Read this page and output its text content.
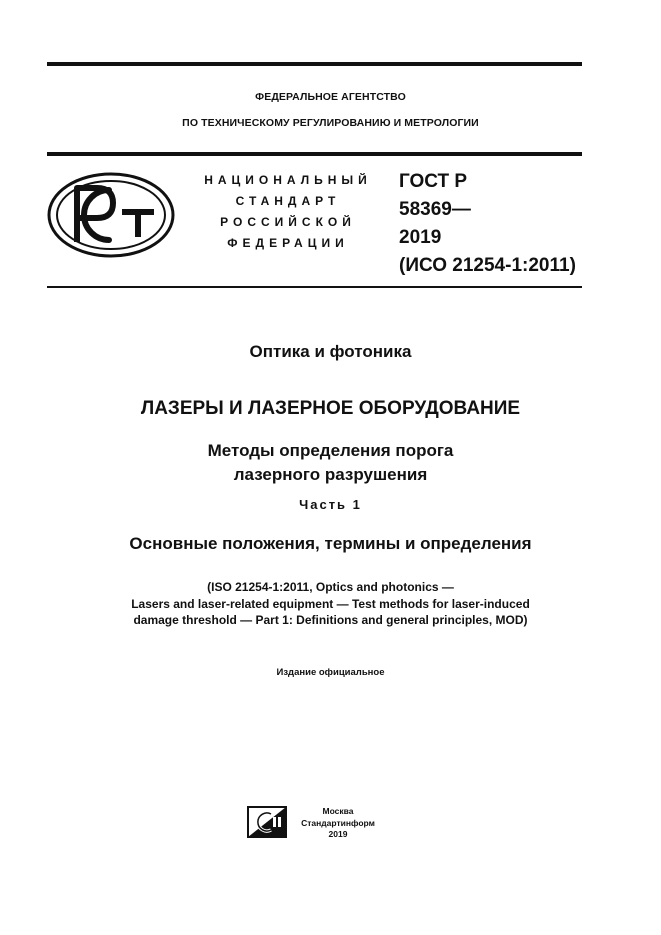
ФЕДЕРАЛЬНОЕ АГЕНТСТВО
ПО ТЕХНИЧЕСКОМУ РЕГУЛИРОВАНИЮ И МЕТРОЛОГИИ
НАЦИОНАЛЬНЫЙ
СТАНДАРТ
РОССИЙСКОЙ
ФЕДЕРАЦИИ
ГОСТ Р
58369—
2019
(ИСО 21254-1:2011)
Оптика и фотоника
ЛАЗЕРЫ И ЛАЗЕРНОЕ ОБОРУДОВАНИЕ
Методы определения порога
лазерного разрушения
Часть 1
Основные положения, термины и определения
(ISO 21254-1:2011, Optics and photonics —
Lasers and laser-related equipment — Test methods for laser-induced
damage threshold — Part 1: Definitions and general principles, MOD)
Издание официальное
Москва
Стандартинформ
2019
